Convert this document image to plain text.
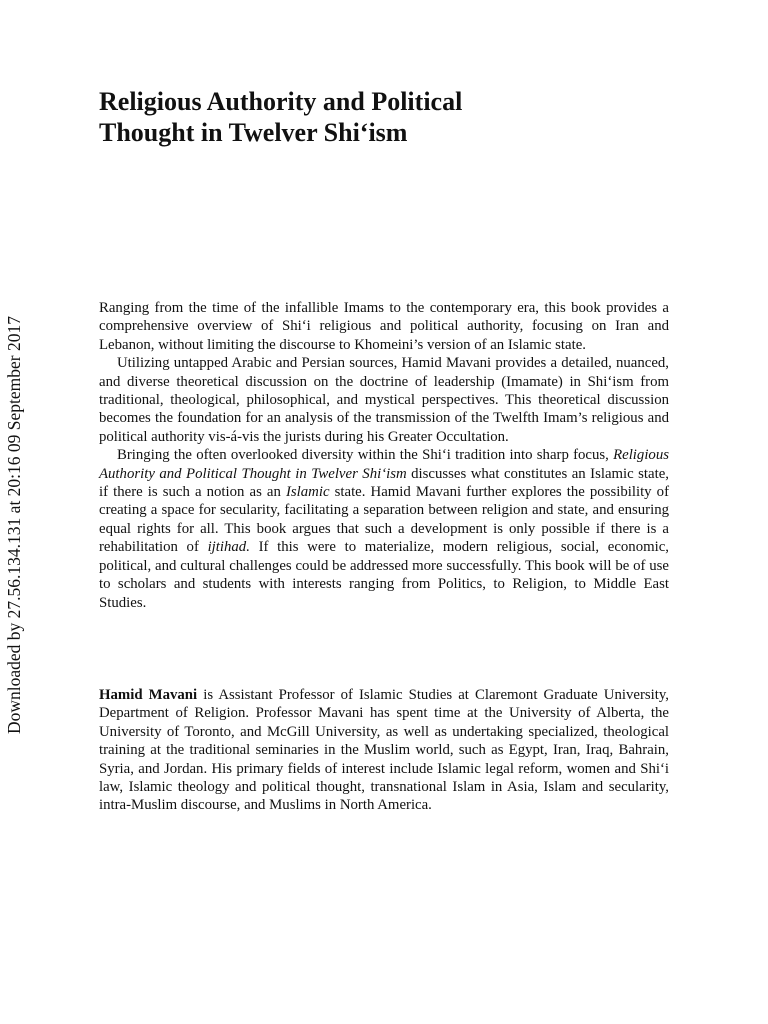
Religious Authority and Political
Thought in Twelver Shi‘ism
Downloaded by 27.56.134.131 at 20:16 09 September 2017

Ranging from the time of the infallible Imams to the contemporary era, this book provides a comprehensive overview of Shi‘i religious and political authority, focusing on Iran and Lebanon, without limiting the discourse to Khomeini’s version of an Islamic state.

Utilizing untapped Arabic and Persian sources, Hamid Mavani provides a detailed, nuanced, and diverse theoretical discussion on the doctrine of leadership (Imamate) in Shi‘ism from traditional, theological, philosophical, and mystical perspectives. This theoretical discussion becomes the foundation for an analysis of the transmission of the Twelfth Imam’s religious and political authority vis-á-vis the jurists during his Greater Occultation.

Bringing the often overlooked diversity within the Shi‘i tradition into sharp focus, Religious Authority and Political Thought in Twelver Shi‘ism discusses what constitutes an Islamic state, if there is such a notion as an Islamic state. Hamid Mavani further explores the possibility of creating a space for secularity, facilitating a separation between religion and state, and ensuring equal rights for all. This book argues that such a development is only possible if there is a rehabilitation of ijtihad. If this were to materialize, modern religious, social, economic, political, and cultural challenges could be addressed more successfully. This book will be of use to scholars and students with interests ranging from Politics, to Religion, to Middle East Studies.

Hamid Mavani is Assistant Professor of Islamic Studies at Claremont Graduate University, Department of Religion. Professor Mavani has spent time at the University of Alberta, the University of Toronto, and McGill University, as well as undertaking specialized, theological training at the traditional seminaries in the Muslim world, such as Egypt, Iran, Iraq, Bahrain, Syria, and Jordan. His primary fields of interest include Islamic legal reform, women and Shi‘i law, Islamic theology and political thought, transnational Islam in Asia, Islam and secularity, intra-Muslim discourse, and Muslims in North America.
